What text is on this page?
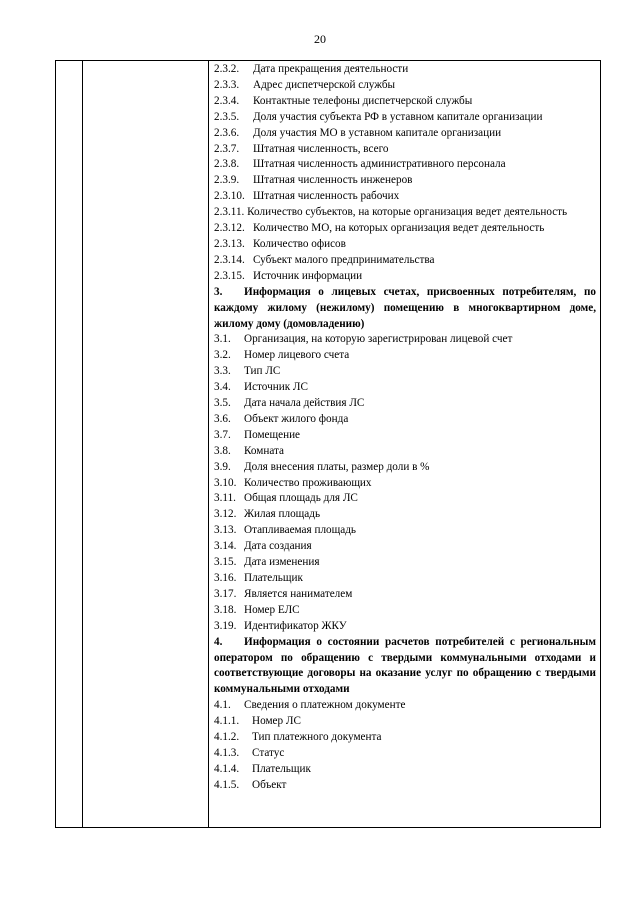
20
2.3.2.	Дата прекращения деятельности
2.3.3.	Адрес диспетчерской службы
2.3.4.	Контактные телефоны диспетчерской службы
2.3.5.	Доля участия субъекта РФ в уставном капитале организации
2.3.6.	Доля участия МО в уставном капитале организации
2.3.7.	Штатная численность, всего
2.3.8.	Штатная численность административного персонала
2.3.9.	Штатная численность инженеров
2.3.10. Штатная численность рабочих
2.3.11. Количество субъектов, на которые организация ведет деятельность
2.3.12. Количество МО, на которых организация ведет деятельность
2.3.13. Количество офисов
2.3.14. Субъект малого предпринимательства
2.3.15. Источник информации
3. Информация о лицевых счетах, присвоенных потребителям, по каждому жилому (нежилому) помещению в многоквартирном доме, жилому дому (домовладению)
3.1.	Организация, на которую зарегистрирован лицевой счет
3.2.	Номер лицевого счета
3.3.	Тип ЛС
3.4.	Источник ЛС
3.5.	Дата начала действия ЛС
3.6.	Объект жилого фонда
3.7.	Помещение
3.8.	Комната
3.9.	Доля внесения платы, размер доли в %
3.10. Количество проживающих
3.11. Общая площадь для ЛС
3.12. Жилая площадь
3.13. Отапливаемая площадь
3.14. Дата создания
3.15. Дата изменения
3.16. Плательщик
3.17. Является нанимателем
3.18. Номер ЕЛС
3.19. Идентификатор ЖКУ
4. Информация о состоянии расчетов потребителей с региональным оператором по обращению с твердыми коммунальными отходами и соответствующие договоры на оказание услуг по обращению с твердыми коммунальными отходами
4.1.	Сведения о платежном документе
4.1.1.	Номер ЛС
4.1.2.	Тип платежного документа
4.1.3.	Статус
4.1.4.	Плательщик
4.1.5.	Объект
